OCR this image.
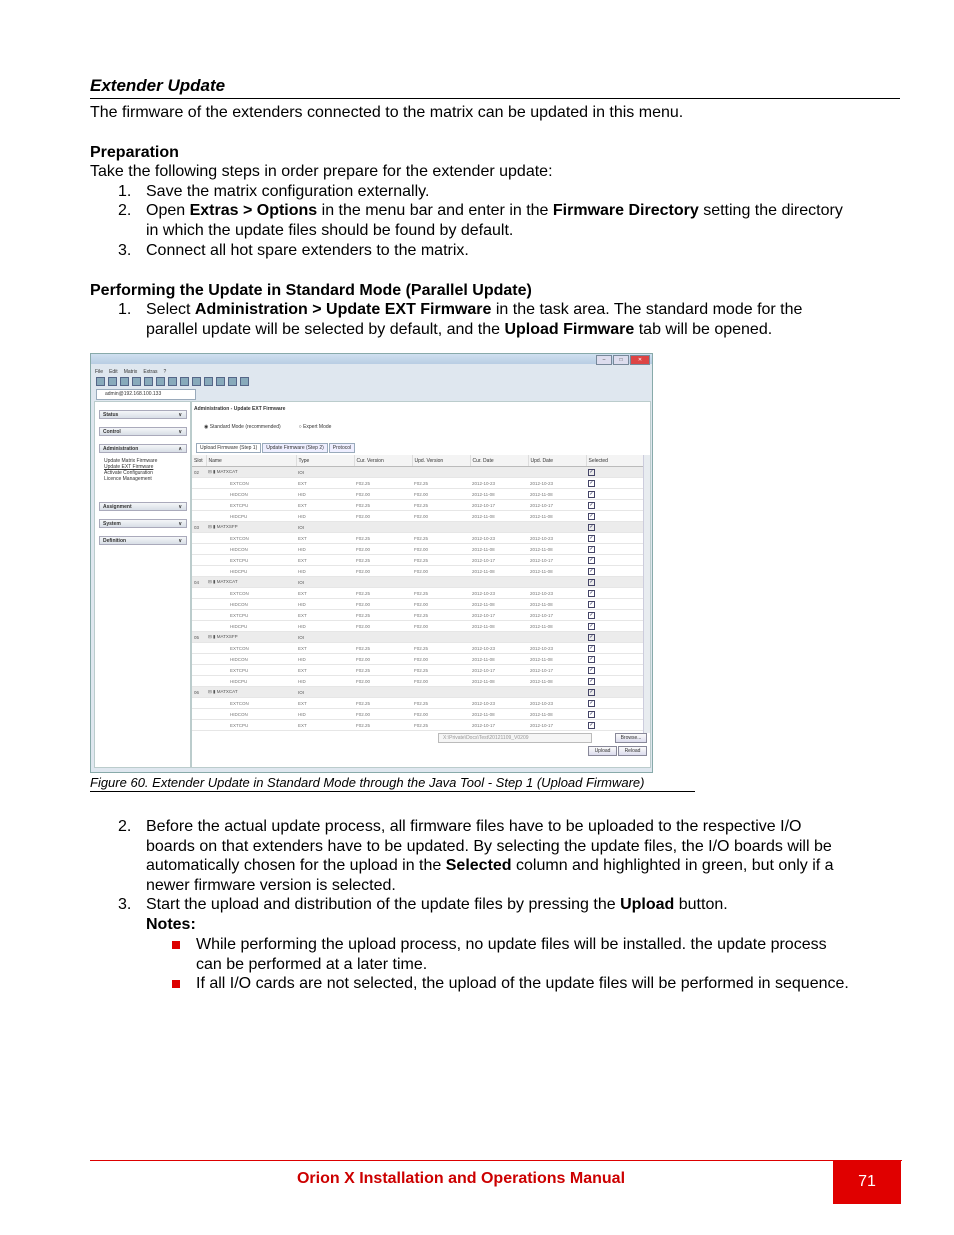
Extender Update
The firmware of the extenders connected to the matrix can be updated in this menu.
Preparation
Take the following steps in order prepare for the extender update:
1. Save the matrix configuration externally.
2. Open Extras > Options in the menu bar and enter in the Firmware Directory setting the directory
in which the update files should be found by default.
3. Connect all hot spare extenders to the matrix.
Performing the Update in Standard Mode (Parallel Update)
1. Select Administration > Update EXT Firmware in the task area. The standard mode for the
parallel update will be selected by default, and the Upload Firmware tab will be opened.
–	□	✕
File Edit Matrix Extras ?
admin@192.168.100.133
Status	∨
Control	∨
Administration	∧
Update Matrix Firmware
Update EXT Firmware
Activate Configuration
Licence Management
Assignment	∨
System	∨
Definition	∨
Administration - Update EXT Firmware
◉ Standard Mode (recommended)	○ Expert Mode
Upload Firmware (Step 1)	Update Firmware (Step 2)	Protocol
Slot	Name	Type	Cur. Version	Upd. Version	Cur. Date	Upd. Date	Selected
02	⊟ ▮ MATXCAT	IOI					✓
	EXTCON	EXT	F02.25	F02.25	2012-10-23	2012-10-23	✓
	HIDCON	HID	F02.00	F02.00	2012-11-08	2012-11-08	✓
	EXTCPU	EXT	F02.25	F02.25	2012-10-17	2012-10-17	✓
	HIDCPU	HID	F02.00	F02.00	2012-11-08	2012-11-08	✓
03	⊟ ▮ MATXSFP	IOI					✓
	EXTCON	EXT	F02.25	F02.25	2012-10-23	2012-10-23	✓
	HIDCON	HID	F02.00	F02.00	2012-11-08	2012-11-08	✓
	EXTCPU	EXT	F02.25	F02.25	2012-10-17	2012-10-17	✓
	HIDCPU	HID	F02.00	F02.00	2012-11-08	2012-11-08	✓
04	⊟ ▮ MATXCAT	IOI					✓
	EXTCON	EXT	F02.25	F02.25	2012-10-23	2012-10-23	✓
	HIDCON	HID	F02.00	F02.00	2012-11-08	2012-11-08	✓
	EXTCPU	EXT	F02.25	F02.25	2012-10-17	2012-10-17	✓
	HIDCPU	HID	F02.00	F02.00	2012-11-08	2012-11-08	✓
05	⊟ ▮ MATXSFP	IOI					✓
	EXTCON	EXT	F02.25	F02.25	2012-10-23	2012-10-23	✓
	HIDCON	HID	F02.00	F02.00	2012-11-08	2012-11-08	✓
	EXTCPU	EXT	F02.25	F02.25	2012-10-17	2012-10-17	✓
	HIDCPU	HID	F02.00	F02.00	2012-11-08	2012-11-08	✓
06	⊟ ▮ MATXCAT	IOI					✓
	EXTCON	EXT	F02.25	F02.25	2012-10-23	2012-10-23	✓
	HIDCON	HID	F02.00	F02.00	2012-11-08	2012-11-08	✓
	EXTCPU	EXT	F02.25	F02.25	2012-10-17	2012-10-17	✓
X:\Private\Docs\Test\20121109_V0209	Browse...
Upload	Reload
Figure 60. Extender Update in Standard Mode through the Java Tool - Step 1 (Upload Firmware)
2. Before the actual update process, all firmware files have to be uploaded to the respective I/O
boards on that extenders have to be updated. By selecting the update files, the I/O boards will be
automatically chosen for the upload in the Selected column and highlighted in green, but only if a
newer firmware version is selected.
3. Start the upload and distribution of the update files by pressing the Upload button.
Notes:
While performing the upload process, no update files will be installed. the update process
can be performed at a later time.
If all I/O cards are not selected, the upload of the update files will be performed in sequence.
Orion X Installation and Operations Manual	71
